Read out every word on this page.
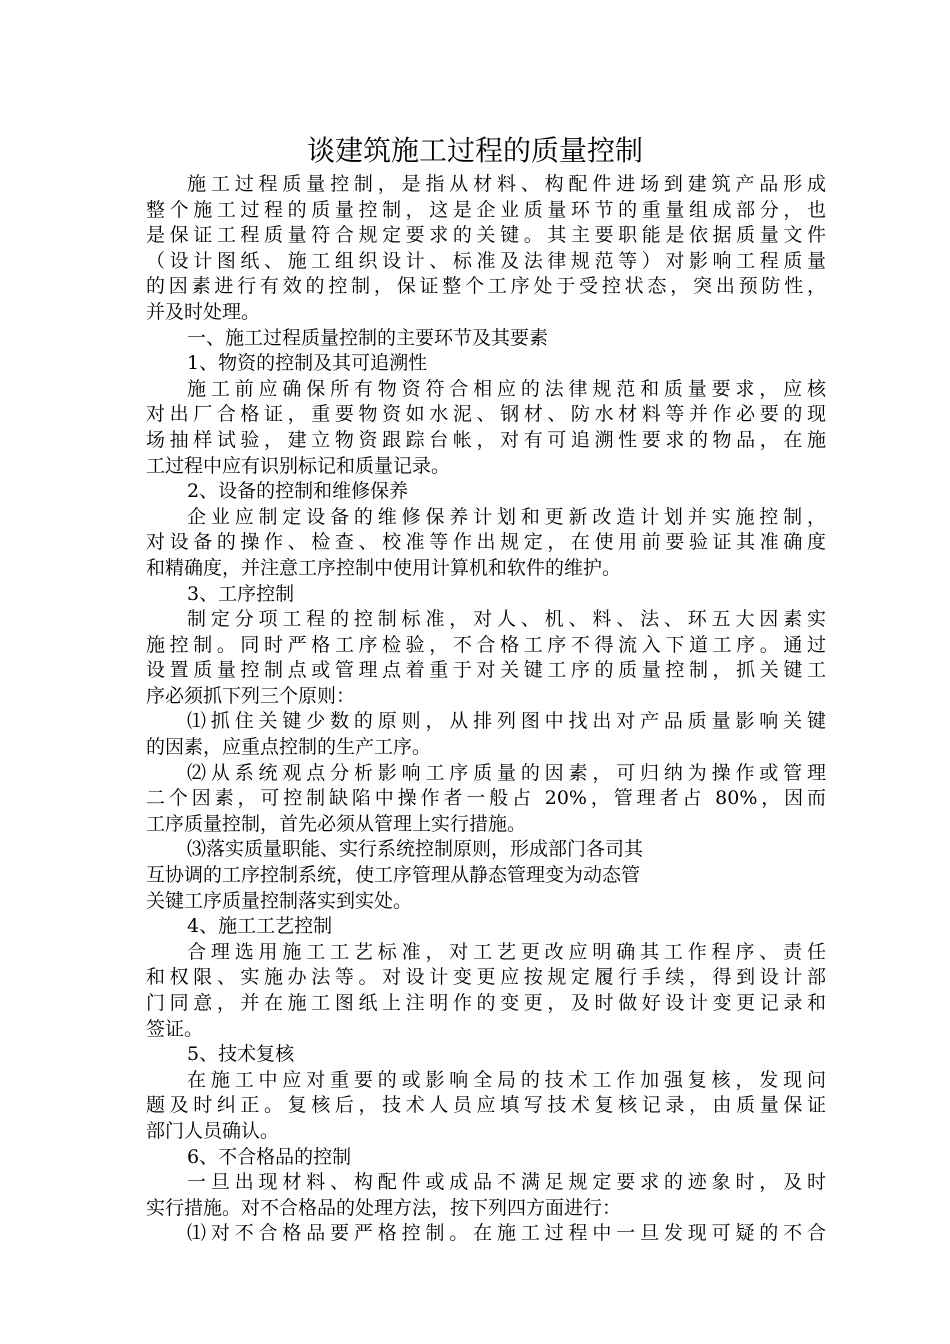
谈建筑施工过程的质量控制
施工过程质量控制，是指从材料、构配件进场到建筑产品形成
整个施工过程的质量控制，这是企业质量环节的重量组成部分，也
是保证工程质量符合规定要求的关键。其主要职能是依据质量文件
（设计图纸、施工组织设计、标准及法律规范等）对影响工程质量
的因素进行有效的控制，保证整个工序处于受控状态，突出预防性，
并及时处理。
一、施工过程质量控制的主要环节及其要素
1、物资的控制及其可追溯性
施工前应确保所有物资符合相应的法律规范和质量要求，应核
对出厂合格证，重要物资如水泥、钢材、防水材料等并作必要的现
场抽样试验，建立物资跟踪台帐，对有可追溯性要求的物品，在施
工过程中应有识别标记和质量记录。
2、设备的控制和维修保养
企业应制定设备的维修保养计划和更新改造计划并实施控制，
对设备的操作、检查、校准等作出规定，在使用前要验证其准确度
和精确度，并注意工序控制中使用计算机和软件的维护。
3、工序控制
制定分项工程的控制标准，对人、机、料、法、环五大因素实
施控制。同时严格工序检验，不合格工序不得流入下道工序。通过
设置质量控制点或管理点着重于对关键工序的质量控制，抓关键工
序必须抓下列三个原则：
⑴抓住关键少数的原则，从排列图中找出对产品质量影响关键
的因素，应重点控制的生产工序。
⑵从系统观点分析影响工序质量的因素，可归纳为操作或管理
二个因素，可控制缺陷中操作者一般占 20%，管理者占 80%，因而
工序质量控制，首先必须从管理上实行措施。
⑶落实质量职能、实行系统控制原则，形成部门各司其
互协调的工序控制系统，使工序管理从静态管理变为动态管
关键工序质量控制落实到实处。
4、施工工艺控制
合理选用施工工艺标准，对工艺更改应明确其工作程序、责任
和权限、实施办法等。对设计变更应按规定履行手续，得到设计部
门同意，并在施工图纸上注明作的变更，及时做好设计变更记录和
签证。
5、技术复核
在施工中应对重要的或影响全局的技术工作加强复核，发现问
题及时纠正。复核后，技术人员应填写技术复核记录，由质量保证
部门人员确认。
6、不合格品的控制
一旦出现材料、构配件或成品不满足规定要求的迹象时，及时
实行措施。对不合格品的处理方法，按下列四方面进行：
⑴对不合格品要严格控制。在施工过程中一旦发现可疑的不合
